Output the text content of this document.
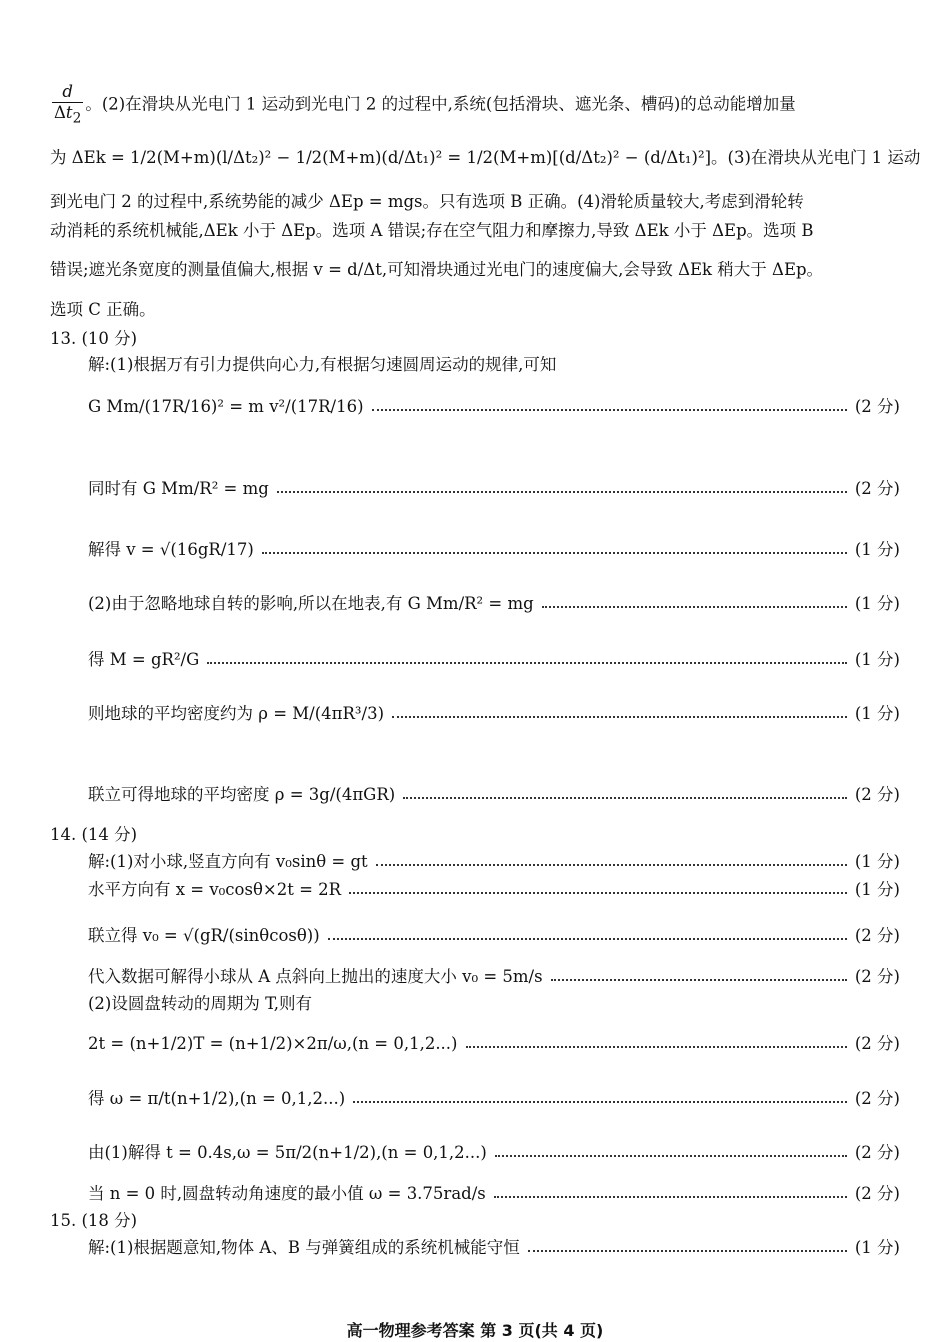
$\frac{d}{\Delta t_2}$ 。(2)在滑块从光电门 1 运动到光电门 2 的过程中,系统(包括滑块、遮光条、槽码)的总动能增加量
为 ΔEk = 1/2(M+m)(l/Δt₂)² − 1/2(M+m)(d/Δt₁)² = 1/2(M+m)[(d/Δt₂)² − (d/Δt₁)²]。(3)在滑块从光电门 1 运动
到光电门 2 的过程中,系统势能的减少 ΔEp = mgs。只有选项 B 正确。(4)滑轮质量较大,考虑到滑轮转
动消耗的系统机械能,ΔEk 小于 ΔEp。选项 A 错误;存在空气阻力和摩擦力,导致 ΔEk 小于 ΔEp。选项 B
错误;遮光条宽度的测量值偏大,根据 v = d/Δt,可知滑块通过光电门的速度偏大,会导致 ΔEk 稍大于 ΔEp。
选项 C 正确。
13. (10 分)
解:(1)根据万有引力提供向心力,有根据匀速圆周运动的规律,可知
G Mm/(17R/16)² = m v²/(17R/16)	(2 分)
同时有 G Mm/R² = mg	(2 分)
解得 v = √(16gR/17)	(1 分)
(2)由于忽略地球自转的影响,所以在地表,有 G Mm/R² = mg	(1 分)
得 M = gR²/G	(1 分)
则地球的平均密度约为 ρ = M/(4πR³/3)	(1 分)
联立可得地球的平均密度 ρ = 3g/(4πGR)	(2 分)
14. (14 分)
解:(1)对小球,竖直方向有 v₀sinθ = gt	(1 分)
水平方向有 x = v₀cosθ×2t = 2R	(1 分)
联立得 v₀ = √(gR/(sinθcosθ))	(2 分)
代入数据可解得小球从 A 点斜向上抛出的速度大小 v₀ = 5m/s	(2 分)
(2)设圆盘转动的周期为 T,则有
2t = (n+1/2)T = (n+1/2)×2π/ω,(n = 0,1,2...)	(2 分)
得 ω = π/t(n+1/2),(n = 0,1,2...)	(2 分)
由(1)解得 t = 0.4s,ω = 5π/2(n+1/2),(n = 0,1,2...)	(2 分)
当 n = 0 时,圆盘转动角速度的最小值 ω = 3.75rad/s	(2 分)
15. (18 分)
解:(1)根据题意知,物体 A、B 与弹簧组成的系统机械能守恒	(1 分)
高一物理参考答案 第 3 页(共 4 页)
